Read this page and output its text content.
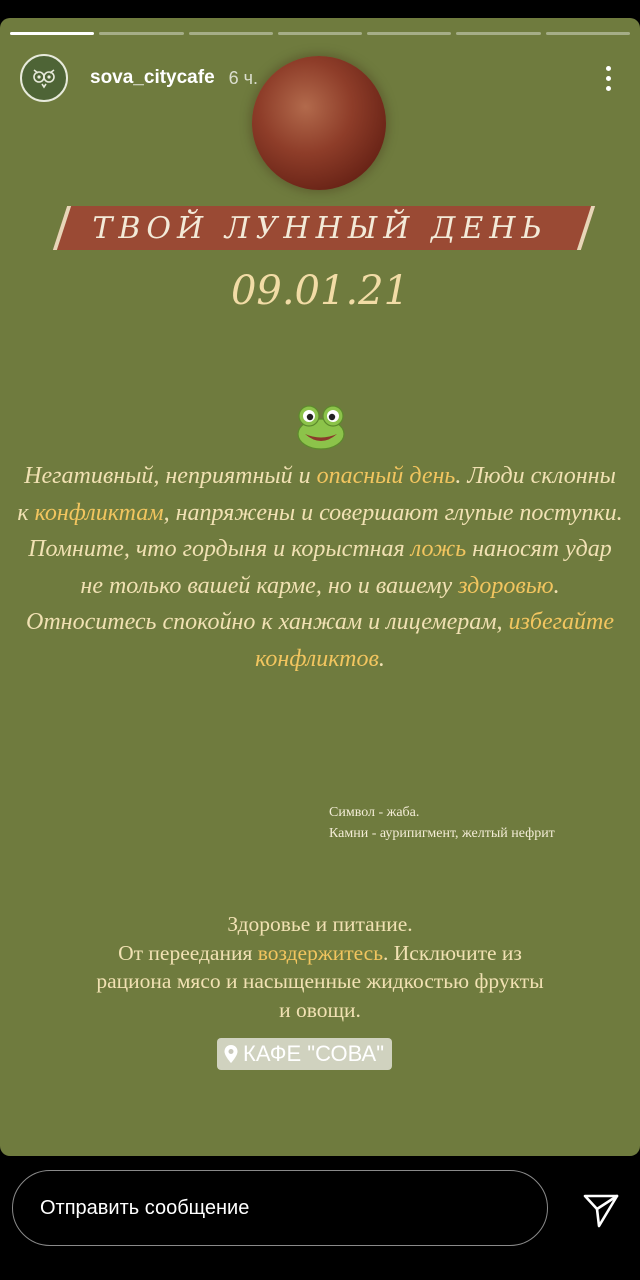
sova_citycafe 6 ч.
ТВОЙ ЛУННЫЙ ДЕНЬ
09.01.21
Негативный, неприятный и опасный день. Люди склонны к конфликтам, напряжены и совершают глупые поступки. Помните, что гордыня и корыстная ложь наносят удар не только вашей карме, но и вашему здоровью. Относитесь спокойно к ханжам и лицемерам, избегайте конфликтов.
Символ - жаба.
Камни - аурипигмент, желтый нефрит
Здоровье и питание.
От переедания воздержитесь. Исключите из
рациона мясо и насыщенные жидкостью фрукты
и овощи.
КАФЕ "СОВА"
Отправить сообщение
